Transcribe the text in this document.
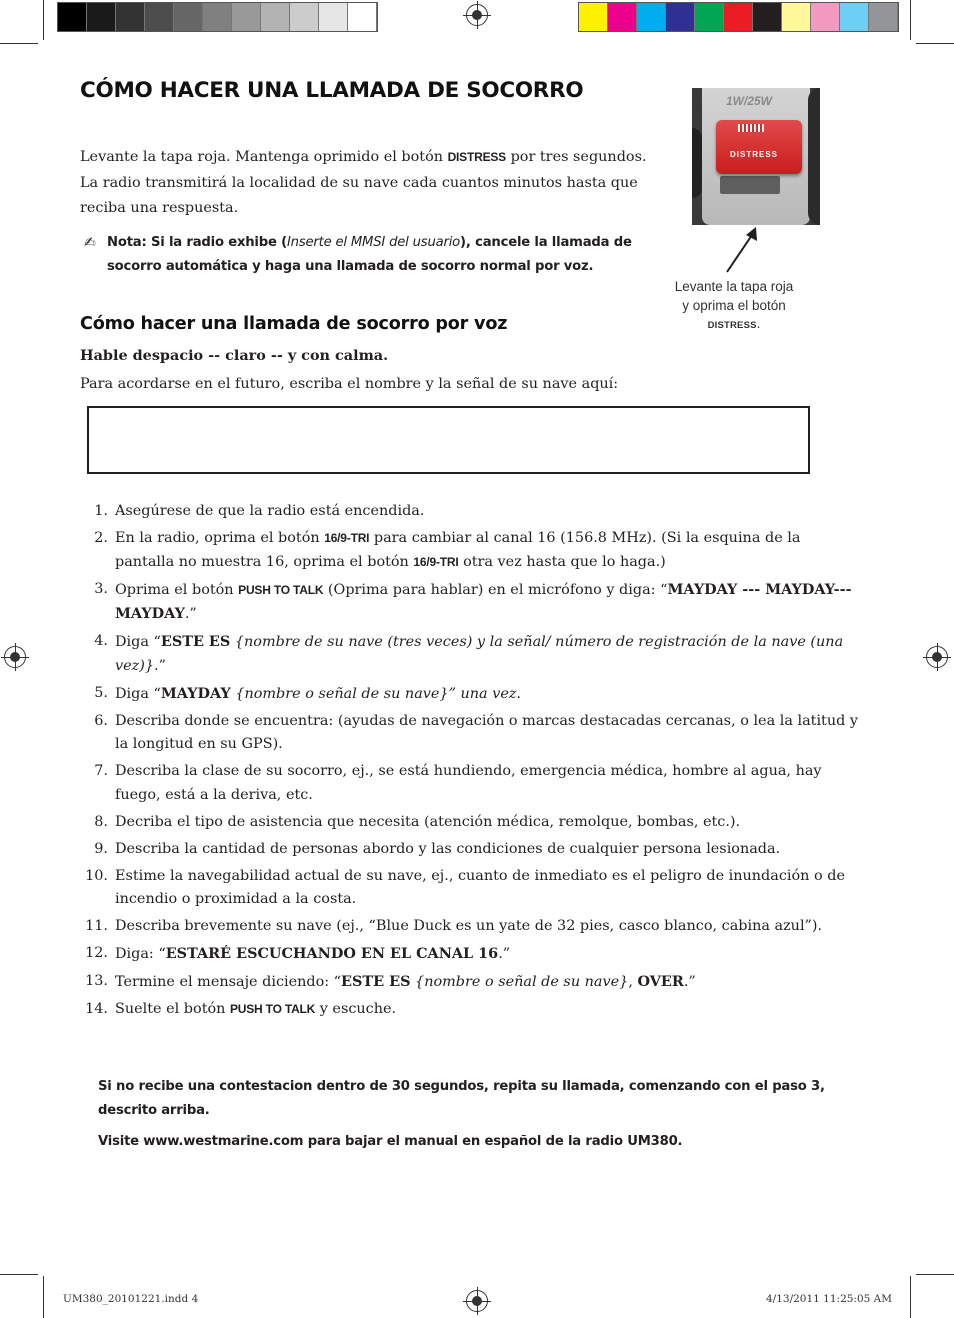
CÓMO HACER UNA LLAMADA DE SOCORRO

Levante la tapa roja. Mantenga oprimido el botón DISTRESS por tres segundos. La radio transmitirá la localidad de su nave cada cuantos minutos hasta que reciba una respuesta.

✍ Nota: Si la radio exhibe (Inserte el MMSI del usuario), cancele la llamada de socorro automática y haga una llamada de socorro normal por voz.

1W/25W
DISTRESS

Levante la tapa roja y oprima el botón DISTRESS.

Cómo hacer una llamada de socorro por voz

Hable despacio -- claro -- y con calma.

Para acordarse en el futuro, escriba el nombre y la señal de su nave aquí:

1. Asegúrese de que la radio está encendida.
2. En la radio, oprima el botón 16/9-TRI para cambiar al canal 16 (156.8 MHz). (Si la esquina de la pantalla no muestra 16, oprima el botón 16/9-TRI otra vez hasta que lo haga.)
3. Oprima el botón PUSH TO TALK (Oprima para hablar) en el micrófono y diga: “MAYDAY --- MAYDAY--- MAYDAY.”
4. Diga “ESTE ES {nombre de su nave (tres veces) y la señal/ número de registración de la nave (una vez)}.”
5. Diga “MAYDAY {nombre o señal de su nave}” una vez.
6. Describa donde se encuentra: (ayudas de navegación o marcas destacadas cercanas, o lea la latitud y la longitud en su GPS).
7. Describa la clase de su socorro, ej., se está hundiendo, emergencia médica, hombre al agua, hay fuego, está a la deriva, etc.
8. Decriba el tipo de asistencia que necesita (atención médica, remolque, bombas, etc.).
9. Describa la cantidad de personas abordo y las condiciones de cualquier persona lesionada.
10. Estime la navegabilidad actual de su nave, ej., cuanto de inmediato es el peligro de inundación o de incendio o proximidad a la costa.
11. Describa brevemente su nave (ej., “Blue Duck es un yate de 32 pies, casco blanco, cabina azul”).
12. Diga: “ESTARÉ ESCUCHANDO EN EL CANAL 16.”
13. Termine el mensaje diciendo: “ESTE ES {nombre o señal de su nave}, OVER.”
14. Suelte el botón PUSH TO TALK y escuche.

Si no recibe una contestacion dentro de 30 segundos, repita su llamada, comenzando con el paso 3, descrito arriba.

Visite www.westmarine.com para bajar el manual en español de la radio UM380.

UM380_20101221.indd 4	4/13/2011 11:25:05 AM
